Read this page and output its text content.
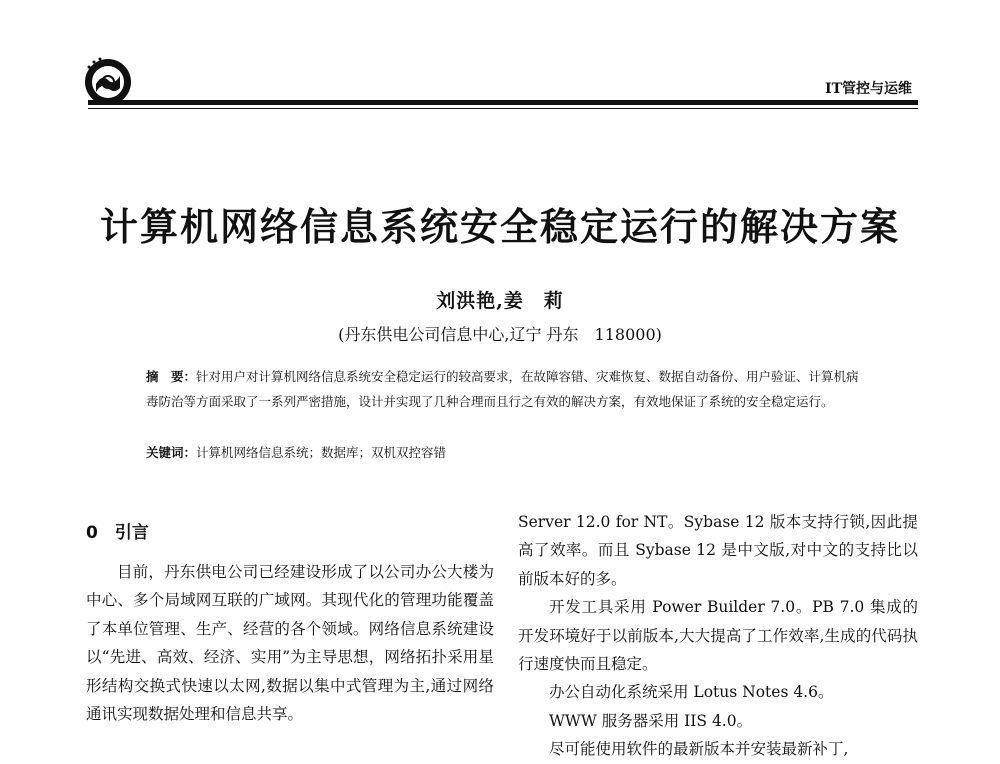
IT管控与运维
计算机网络信息系统安全稳定运行的解决方案
刘洪艳,姜　莉
(丹东供电公司信息中心,辽宁 丹东　118000)
摘　要：针对用户对计算机网络信息系统安全稳定运行的较高要求，在故障容错、灾难恢复、数据自动备份、用户验证、计算机病毒防治等方面采取了一系列严密措施，设计并实现了几种合理而且行之有效的解决方案，有效地保证了系统的安全稳定运行。
关键词：计算机网络信息系统；数据库；双机双控容错
0　引言

目前，丹东供电公司已经建设形成了以公司办公大楼为中心、多个局域网互联的广域网。其现代化的管理功能覆盖了本单位管理、生产、经营的各个领域。网络信息系统建设以“先进、高效、经济、实用”为主导思想，网络拓扑采用星形结构交换式快速以太网,数据以集中式管理为主,通过网络通讯实现数据处理和信息共享。

Server 12.0 for NT。Sybase 12 版本支持行锁,因此提高了效率。而且 Sybase 12 是中文版,对中文的支持比以前版本好的多。

开发工具采用 Power Builder 7.0。PB 7.0 集成的开发环境好于以前版本,大大提高了工作效率,生成的代码执行速度快而且稳定。

办公自动化系统采用 Lotus Notes 4.6。

WWW 服务器采用 IIS 4.0。

尽可能使用软件的最新版本并安装最新补丁,
